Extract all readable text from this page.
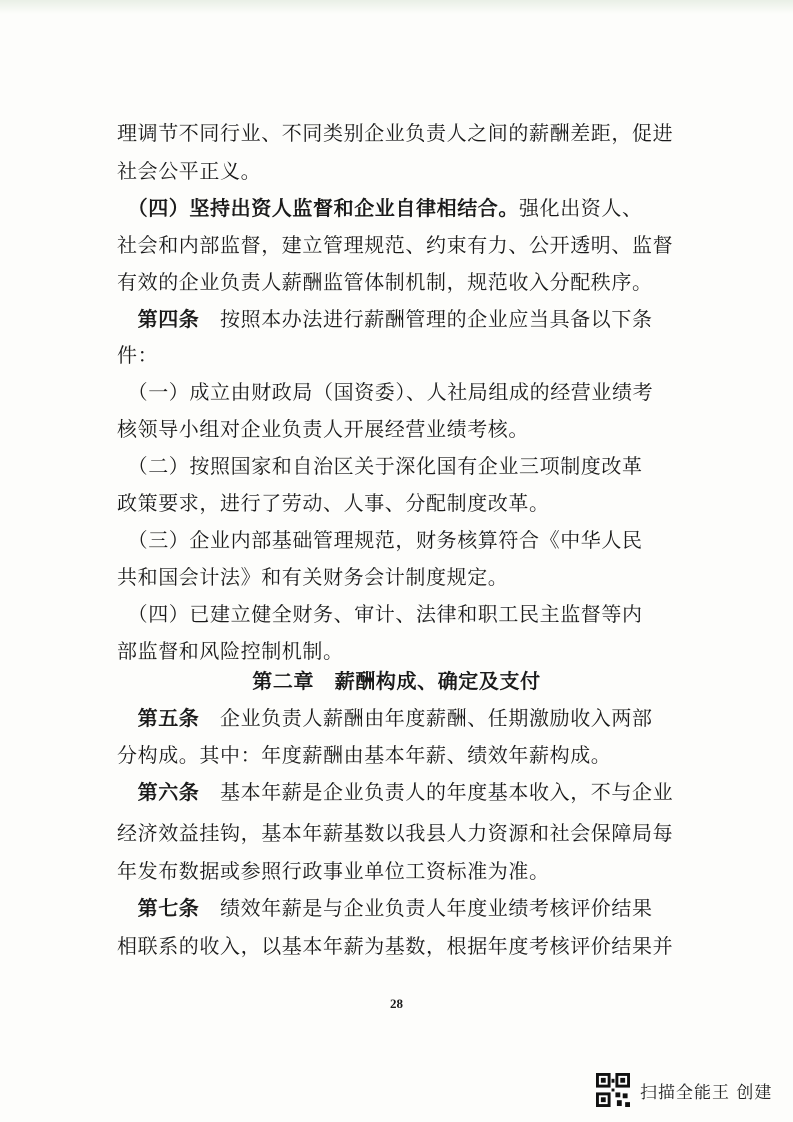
理调节不同行业、不同类别企业负责人之间的薪酬差距，促进
社会公平正义。
　（四）坚持出资人监督和企业自律相结合。强化出资人、
社会和内部监督，建立管理规范、约束有力、公开透明、监督
有效的企业负责人薪酬监管体制机制，规范收入分配秩序。
　第四条　按照本办法进行薪酬管理的企业应当具备以下条
件：
　（一）成立由财政局（国资委）、人社局组成的经营业绩考
核领导小组对企业负责人开展经营业绩考核。
　（二）按照国家和自治区关于深化国有企业三项制度改革
政策要求，进行了劳动、人事、分配制度改革。
　（三）企业内部基础管理规范，财务核算符合《中华人民
共和国会计法》和有关财务会计制度规定。
　（四）已建立健全财务、审计、法律和职工民主监督等内
部监督和风险控制机制。
第二章　薪酬构成、确定及支付
　第五条　企业负责人薪酬由年度薪酬、任期激励收入两部
分构成。其中：年度薪酬由基本年薪、绩效年薪构成。
　第六条　基本年薪是企业负责人的年度基本收入，不与企业
经济效益挂钩，基本年薪基数以我县人力资源和社会保障局每
年发布数据或参照行政事业单位工资标准为准。
　第七条　绩效年薪是与企业负责人年度业绩考核评价结果
相联系的收入，以基本年薪为基数，根据年度考核评价结果并
28
扫描全能王 创建
